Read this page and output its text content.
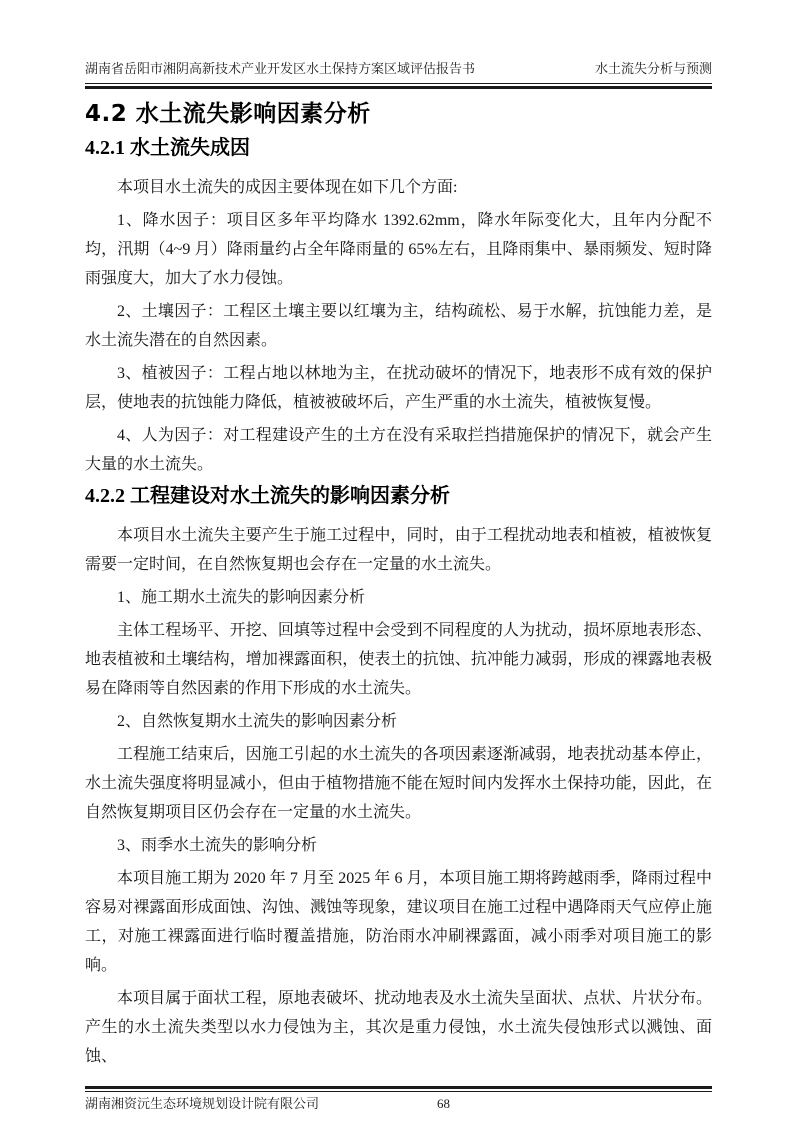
湖南省岳阳市湘阴高新技术产业开发区水土保持方案区域评估报告书	水土流失分析与预测
4.2 水土流失影响因素分析
4.2.1 水土流失成因

本项目水土流失的成因主要体现在如下几个方面:

1、降水因子：项目区多年平均降水 1392.62mm，降水年际变化大，且年内分配不均，汛期（4~9 月）降雨量约占全年降雨量的 65%左右，且降雨集中、暴雨频发、短时降雨强度大，加大了水力侵蚀。

2、土壤因子：工程区土壤主要以红壤为主，结构疏松、易于水解，抗蚀能力差，是水土流失潜在的自然因素。

3、植被因子：工程占地以林地为主，在扰动破坏的情况下，地表形不成有效的保护层，使地表的抗蚀能力降低，植被被破坏后，产生严重的水土流失，植被恢复慢。

4、人为因子：对工程建设产生的土方在没有采取拦挡措施保护的情况下，就会产生大量的水土流失。

4.2.2 工程建设对水土流失的影响因素分析

本项目水土流失主要产生于施工过程中，同时，由于工程扰动地表和植被，植被恢复需要一定时间，在自然恢复期也会存在一定量的水土流失。

1、施工期水土流失的影响因素分析

主体工程场平、开挖、回填等过程中会受到不同程度的人为扰动，损坏原地表形态、地表植被和土壤结构，增加裸露面积，使表土的抗蚀、抗冲能力减弱，形成的裸露地表极易在降雨等自然因素的作用下形成的水土流失。

2、自然恢复期水土流失的影响因素分析

工程施工结束后，因施工引起的水土流失的各项因素逐渐减弱，地表扰动基本停止，水土流失强度将明显减小，但由于植物措施不能在短时间内发挥水土保持功能，因此，在自然恢复期项目区仍会存在一定量的水土流失。

3、雨季水土流失的影响分析

本项目施工期为 2020 年 7 月至 2025 年 6 月，本项目施工期将跨越雨季，降雨过程中容易对裸露面形成面蚀、沟蚀、溅蚀等现象，建议项目在施工过程中遇降雨天气应停止施工，对施工裸露面进行临时覆盖措施，防治雨水冲刷裸露面，减小雨季对项目施工的影响。

本项目属于面状工程，原地表破坏、扰动地表及水土流失呈面状、点状、片状分布。产生的水土流失类型以水力侵蚀为主，其次是重力侵蚀，水土流失侵蚀形式以溅蚀、面蚀、

湖南湘资沅生态环境规划设计院有限公司	68
